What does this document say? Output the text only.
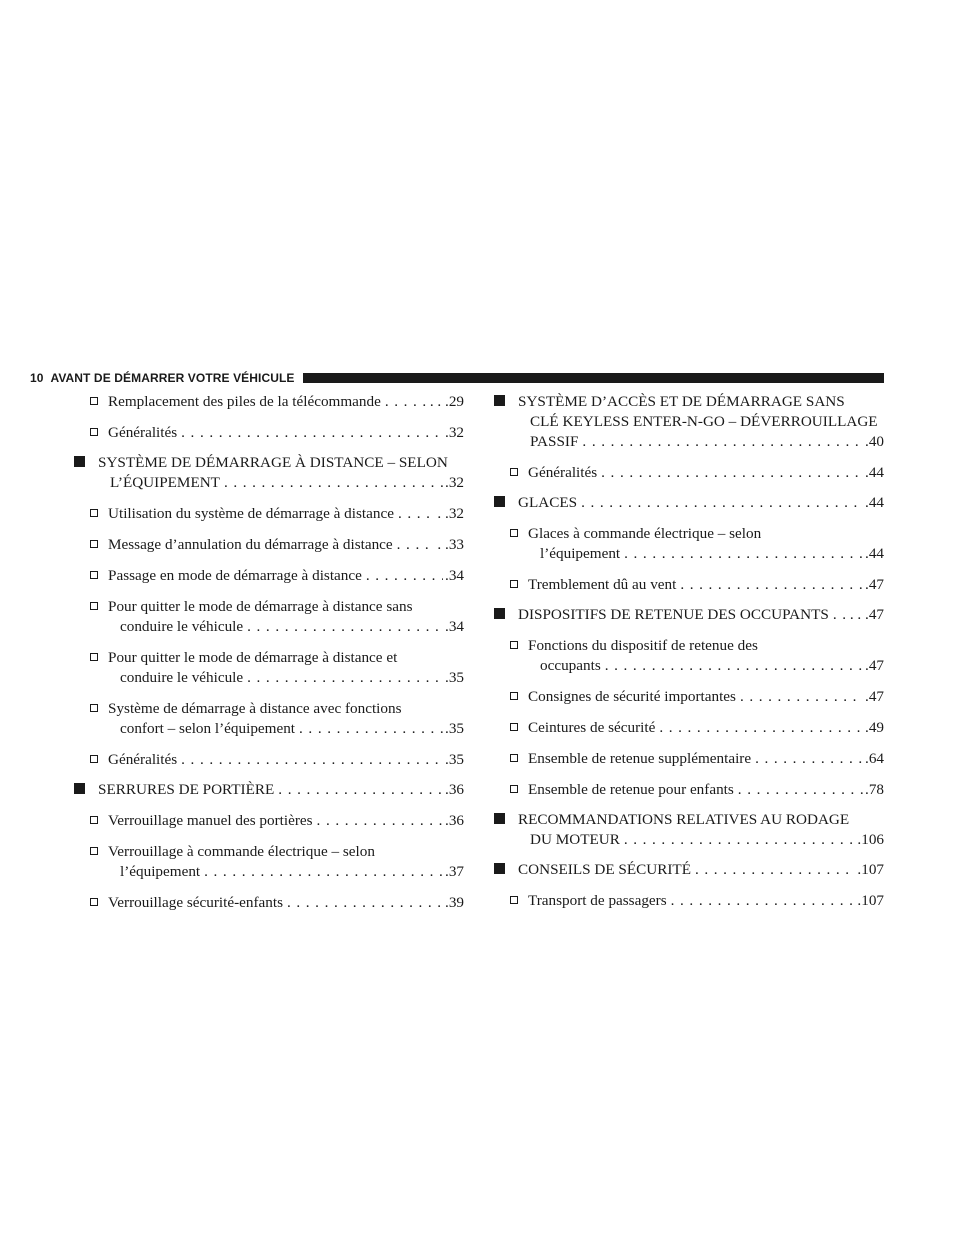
10 AVANT DE DÉMARRER VOTRE VÉHICULE
Remplacement des piles de la télécommande . . .	. . .29
Généralités . . .	.32
SYSTÈME DE DÉMARRAGE À DISTANCE – SELON
L’ÉQUIPEMENT . . .	.32
Utilisation du système de démarrage à distance . . .	. .32
Message d’annulation du démarrage à distance . . .	. .33
Passage en mode de démarrage à distance . . .	.34
Pour quitter le mode de démarrage à distance sans
conduire le véhicule . . .	.34
Pour quitter le mode de démarrage à distance et
conduire le véhicule . . .	.35
Système de démarrage à distance avec fonctions
confort – selon l’équipement . . .	.35
Généralités . . .	.35
SERRURES DE PORTIÈRE . . .	.36
Verrouillage manuel des portières . . .	.36
Verrouillage à commande électrique – selon
l’équipement . . .	.37
Verrouillage sécurité-enfants . . .	.39
SYSTÈME D’ACCÈS ET DE DÉMARRAGE SANS
CLÉ KEYLESS ENTER-N-GO – DÉVERROUILLAGE
PASSIF . . .	.40
Généralités . . .	.44
GLACES . . .	.44
Glaces à commande électrique – selon
l’équipement . . .	.44
Tremblement dû au vent . . .	.47
DISPOSITIFS DE RETENUE DES OCCUPANTS . . . . . .47
Fonctions du dispositif de retenue des
occupants . . .	.47
Consignes de sécurité importantes . . .	.47
Ceintures de sécurité . . .	.49
Ensemble de retenue supplémentaire . . .	.64
Ensemble de retenue pour enfants . . .	.78
RECOMMANDATIONS RELATIVES AU RODAGE
DU MOTEUR . . .	.106
CONSEILS DE SÉCURITÉ . . .	.107
Transport de passagers . . .	.107
